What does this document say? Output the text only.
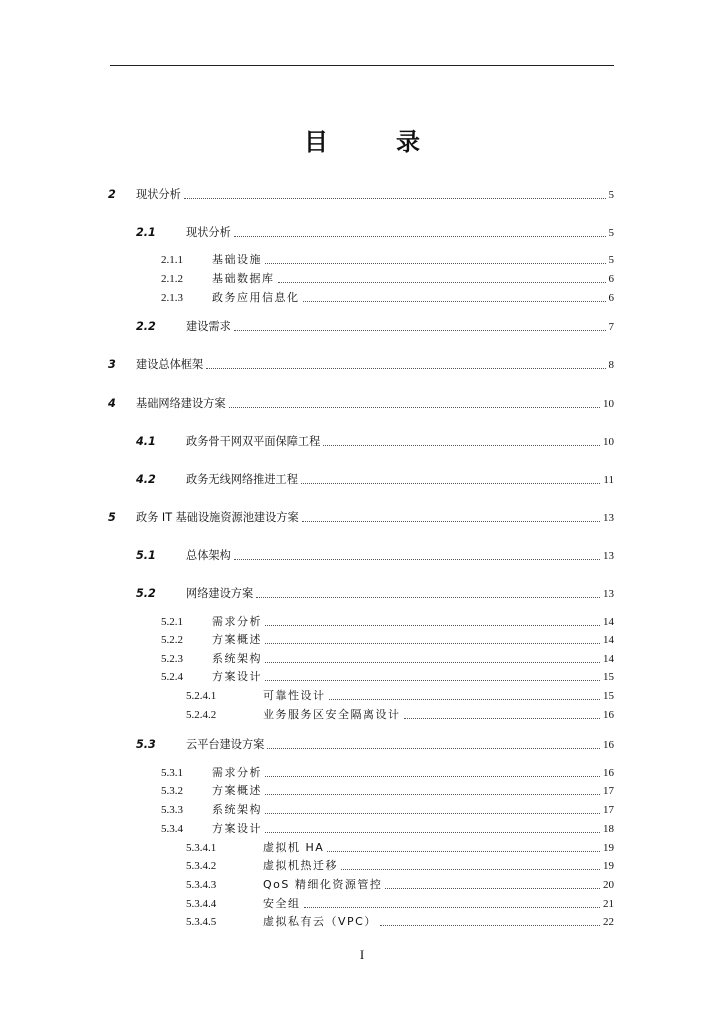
目　录
2	现状分析	5
2.1	现状分析	5
2.1.1	基础设施	5
2.1.2	基础数据库	6
2.1.3	政务应用信息化	6
2.2	建设需求	7
3	建设总体框架	8
4	基础网络建设方案	10
4.1	政务骨干网双平面保障工程	10
4.2	政务无线网络推进工程	11
5	政务 IT 基础设施资源池建设方案	13
5.1	总体架构	13
5.2	网络建设方案	13
5.2.1	需求分析	14
5.2.2	方案概述	14
5.2.3	系统架构	14
5.2.4	方案设计	15
5.2.4.1	可靠性设计	15
5.2.4.2	业务服务区安全隔离设计	16
5.3	云平台建设方案	16
5.3.1	需求分析	16
5.3.2	方案概述	17
5.3.3	系统架构	17
5.3.4	方案设计	18
5.3.4.1	虚拟机 HA	19
5.3.4.2	虚拟机热迁移	19
5.3.4.3	QoS 精细化资源管控	20
5.3.4.4	安全组	21
5.3.4.5	虚拟私有云（VPC）	22
I
